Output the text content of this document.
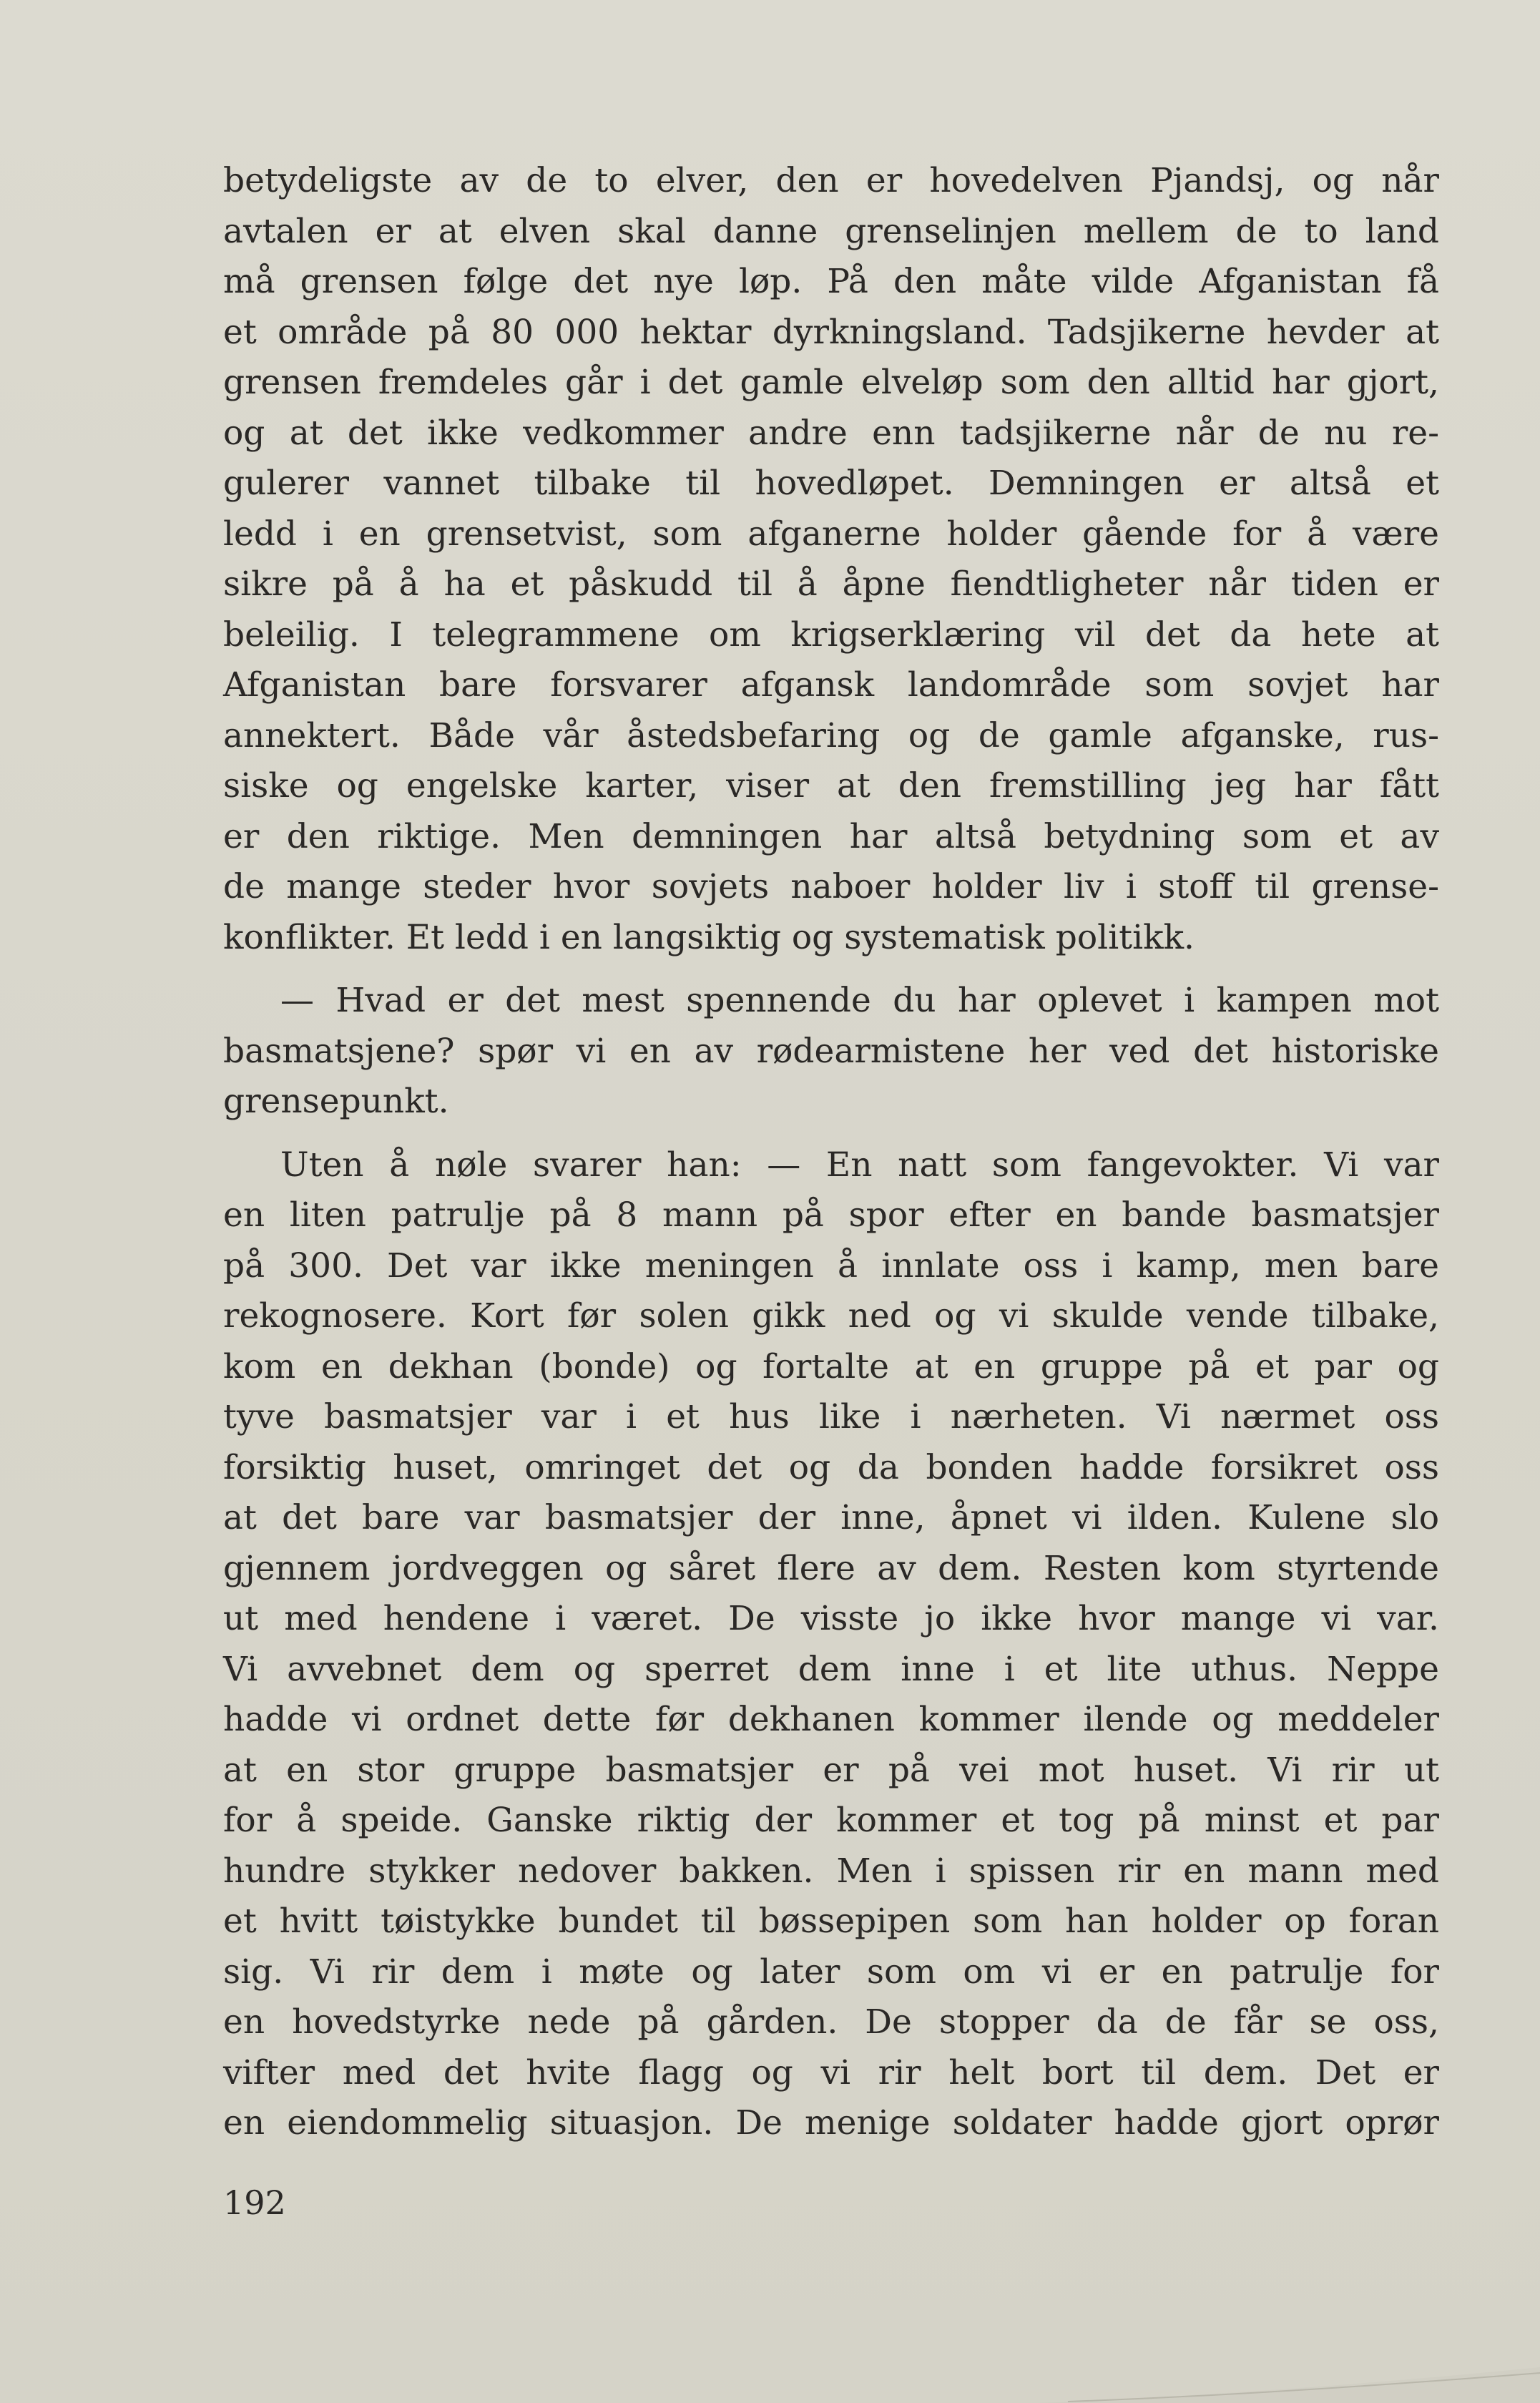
betydeligste av de to elver, den er hovedelven Pjandsj, og når
avtalen er at elven skal danne grenselinjen mellem de to land
må grensen følge det nye løp. På den måte vilde Afganistan få
et område på 80 000 hektar dyrkningsland. Tadsjikerne hevder at
grensen fremdeles går i det gamle elveløp som den alltid har gjort,
og at det ikke vedkommer andre enn tadsjikerne når de nu re-
gulerer vannet tilbake til hovedløpet. Demningen er altså et
ledd i en grensetvist, som afganerne holder gående for å være
sikre på å ha et påskudd til å åpne fiendtligheter når tiden er
beleilig. I telegrammene om krigserklæring vil det da hete at
Afganistan bare forsvarer afgansk landområde som sovjet har
annektert. Både vår åstedsbefaring og de gamle afganske, rus-
siske og engelske karter, viser at den fremstilling jeg har fått
er den riktige. Men demningen har altså betydning som et av
de mange steder hvor sovjets naboer holder liv i stoff til grense-
konflikter. Et ledd i en langsiktig og systematisk politikk.

— Hvad er det mest spennende du har oplevet i kampen mot
basmatsjene? spør vi en av rødearmistene her ved det historiske
grensepunkt.

Uten å nøle svarer han: — En natt som fangevokter. Vi var
en liten patrulje på 8 mann på spor efter en bande basmatsjer
på 300. Det var ikke meningen å innlate oss i kamp, men bare
rekognosere. Kort før solen gikk ned og vi skulde vende tilbake,
kom en dekhan (bonde) og fortalte at en gruppe på et par og
tyve basmatsjer var i et hus like i nærheten. Vi nærmet oss
forsiktig huset, omringet det og da bonden hadde forsikret oss
at det bare var basmatsjer der inne, åpnet vi ilden. Kulene slo
gjennem jordveggen og såret flere av dem. Resten kom styrtende
ut med hendene i været. De visste jo ikke hvor mange vi var.
Vi avvebnet dem og sperret dem inne i et lite uthus. Neppe
hadde vi ordnet dette før dekhanen kommer ilende og meddeler
at en stor gruppe basmatsjer er på vei mot huset. Vi rir ut
for å speide. Ganske riktig der kommer et tog på minst et par
hundre stykker nedover bakken. Men i spissen rir en mann med
et hvitt tøistykke bundet til bøssepipen som han holder op foran
sig. Vi rir dem i møte og later som om vi er en patrulje for
en hovedstyrke nede på gården. De stopper da de får se oss,
vifter med det hvite flagg og vi rir helt bort til dem. Det er
en eiendommelig situasjon. De menige soldater hadde gjort oprør

192
